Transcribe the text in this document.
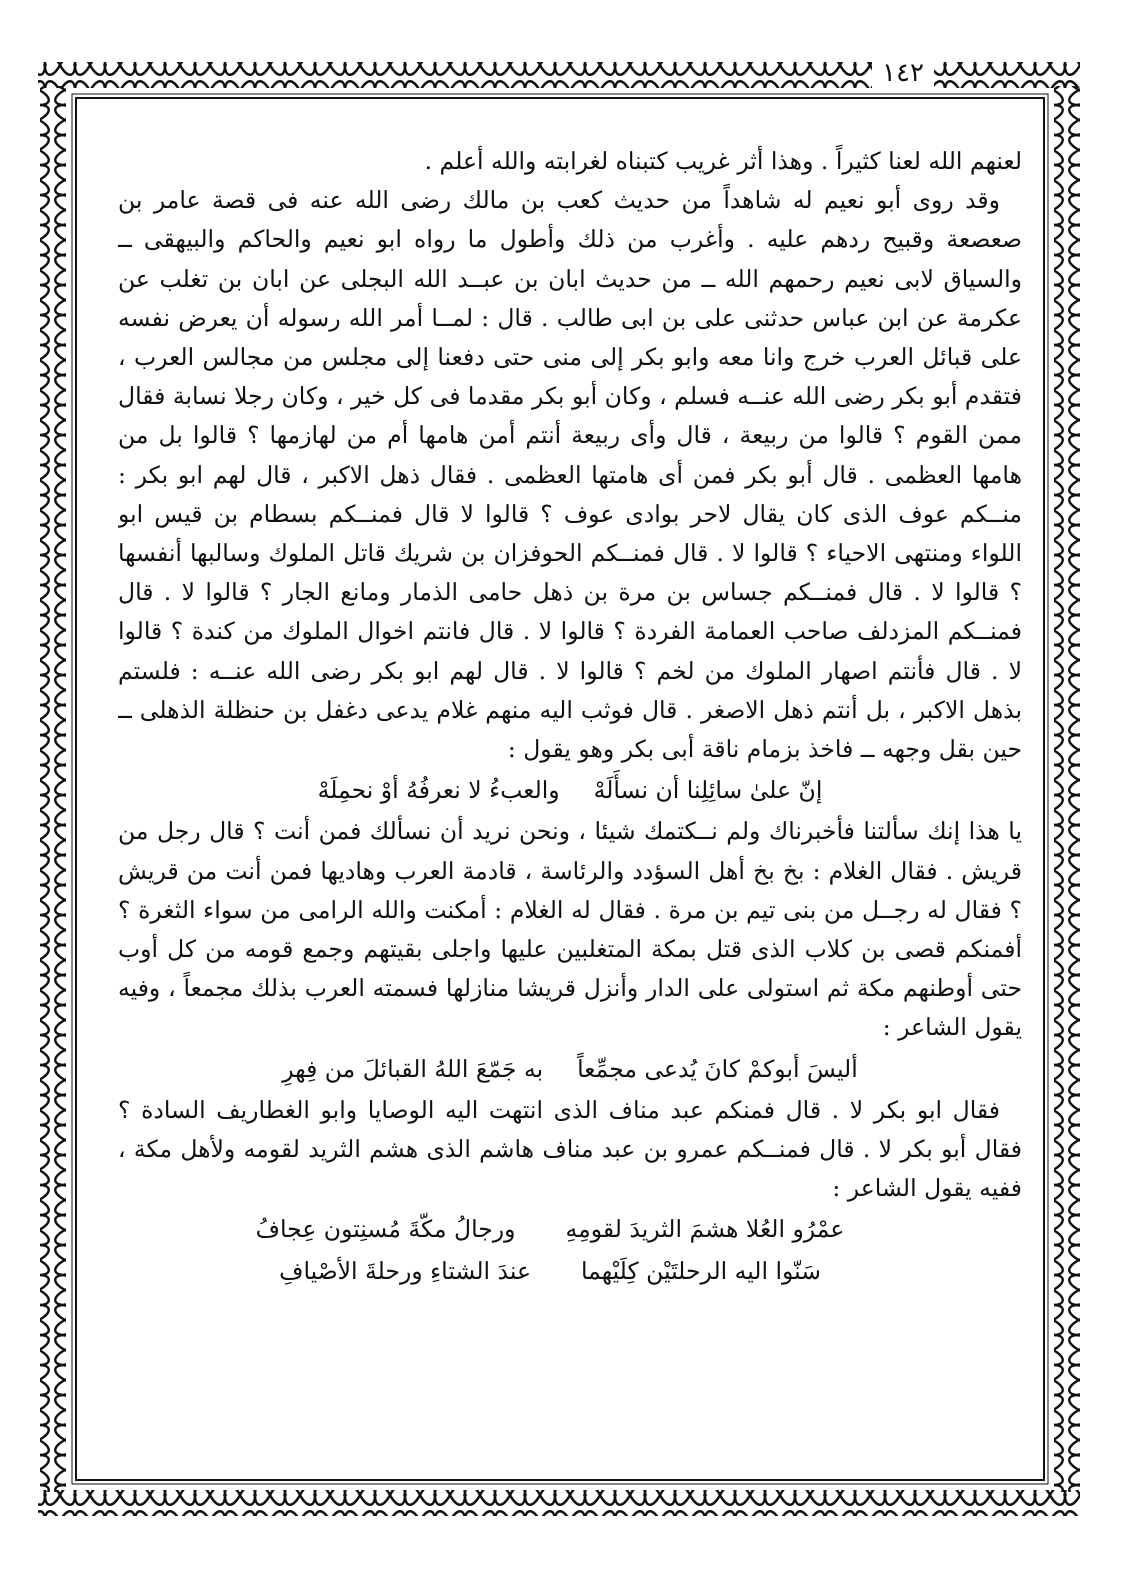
١٤٢

لعنهم الله لعنا كثيراً . وهذا أثر غريب كتبناه لغرابته والله أعلم .

وقد روى أبو نعيم له شاهداً من حديث كعب بن مالك رضى الله عنه فى قصة عامر بن صعصعة وقبيح ردهم عليه . وأغرب من ذلك وأطول ما رواه ابو نعيم والحاكم والبيهقى ــ والسياق لابى نعيم رحمهم الله ــ من حديث ابان بن عبــد الله البجلى عن ابان بن تغلب عن عكرمة عن ابن عباس حدثنى على بن ابى طالب . قال : لمــا أمر الله رسوله أن يعرض نفسه على قبائل العرب خرج وانا معه وابو بكر إلى منى حتى دفعنا إلى مجلس من مجالس العرب ، فتقدم أبو بكر رضى الله عنــه فسلم ، وكان أبو بكر مقدما فى كل خير ، وكان رجلا نسابة فقال ممن القوم ؟ قالوا من ربيعة ، قال وأى ربيعة أنتم أمن هامها أم من لهازمها ؟ قالوا بل من هامها العظمى . قال أبو بكر فمن أى هامتها العظمى . فقال ذهل الاكبر ، قال لهم ابو بكر : منــكم عوف الذى كان يقال لاحر بوادى عوف ؟ قالوا لا قال فمنــكم بسطام بن قيس ابو اللواء ومنتهى الاحياء ؟ قالوا لا . قال فمنــكم الحوفزان بن شريك قاتل الملوك وسالبها أنفسها ؟ قالوا لا . قال فمنــكم جساس بن مرة بن ذهل حامى الذمار ومانع الجار ؟ قالوا لا . قال فمنــكم المزدلف صاحب العمامة الفردة ؟ قالوا لا . قال فانتم اخوال الملوك من كندة ؟ قالوا لا . قال فأنتم اصهار الملوك من لخم ؟ قالوا لا . قال لهم ابو بكر رضى الله عنــه : فلستم بذهل الاكبر ، بل أنتم ذهل الاصغر . قال فوثب اليه منهم غلام يدعى دغفل بن حنظلة الذهلى ــ حين بقل وجهه ــ فاخذ بزمام ناقة أبى بكر وهو يقول :

إنّ علىٰ سائِلِنا أن نسأَلَهْ
والعبءُ لا نعرفُهُ أوْ نحمِلَهْ

يا هذا إنك سألتنا فأخبرناك ولم نــكتمك شيئا ، ونحن نريد أن نسألك فمن أنت ؟ قال رجل من قريش . فقال الغلام : بخ بخ أهل السؤدد والرئاسة ، قادمة العرب وهاديها فمن أنت من قريش ؟ فقال له رجــل من بنى تيم بن مرة . فقال له الغلام : أمكنت والله الرامى من سواء الثغرة ؟ أفمنكم قصى بن كلاب الذى قتل بمكة المتغلبين عليها واجلى بقيتهم وجمع قومه من كل أوب حتى أوطنهم مكة ثم استولى على الدار وأنزل قريشا منازلها فسمته العرب بذلك مجمعاً ، وفيه يقول الشاعر :

أليسَ أبوكمْ كانَ يُدعى مجمِّعاً
به جَمّعَ اللهُ القبائلَ من فِهرِ

فقال ابو بكر لا . قال فمنكم عبد مناف الذى انتهت اليه الوصايا وابو الغطاريف السادة ؟ فقال أبو بكر لا . قال فمنــكم عمرو بن عبد مناف هاشم الذى هشم الثريد لقومه ولأهل مكة ، ففيه يقول الشاعر :

عمْرُو العُلا هشمَ الثريدَ لقومِهِ
ورجالُ مكّةَ مُسنِتون عِجافُ
سَنّوا اليه الرحلتَيْن كِلَيْهما
عندَ الشتاءِ ورحلةَ الأصْيافِ
